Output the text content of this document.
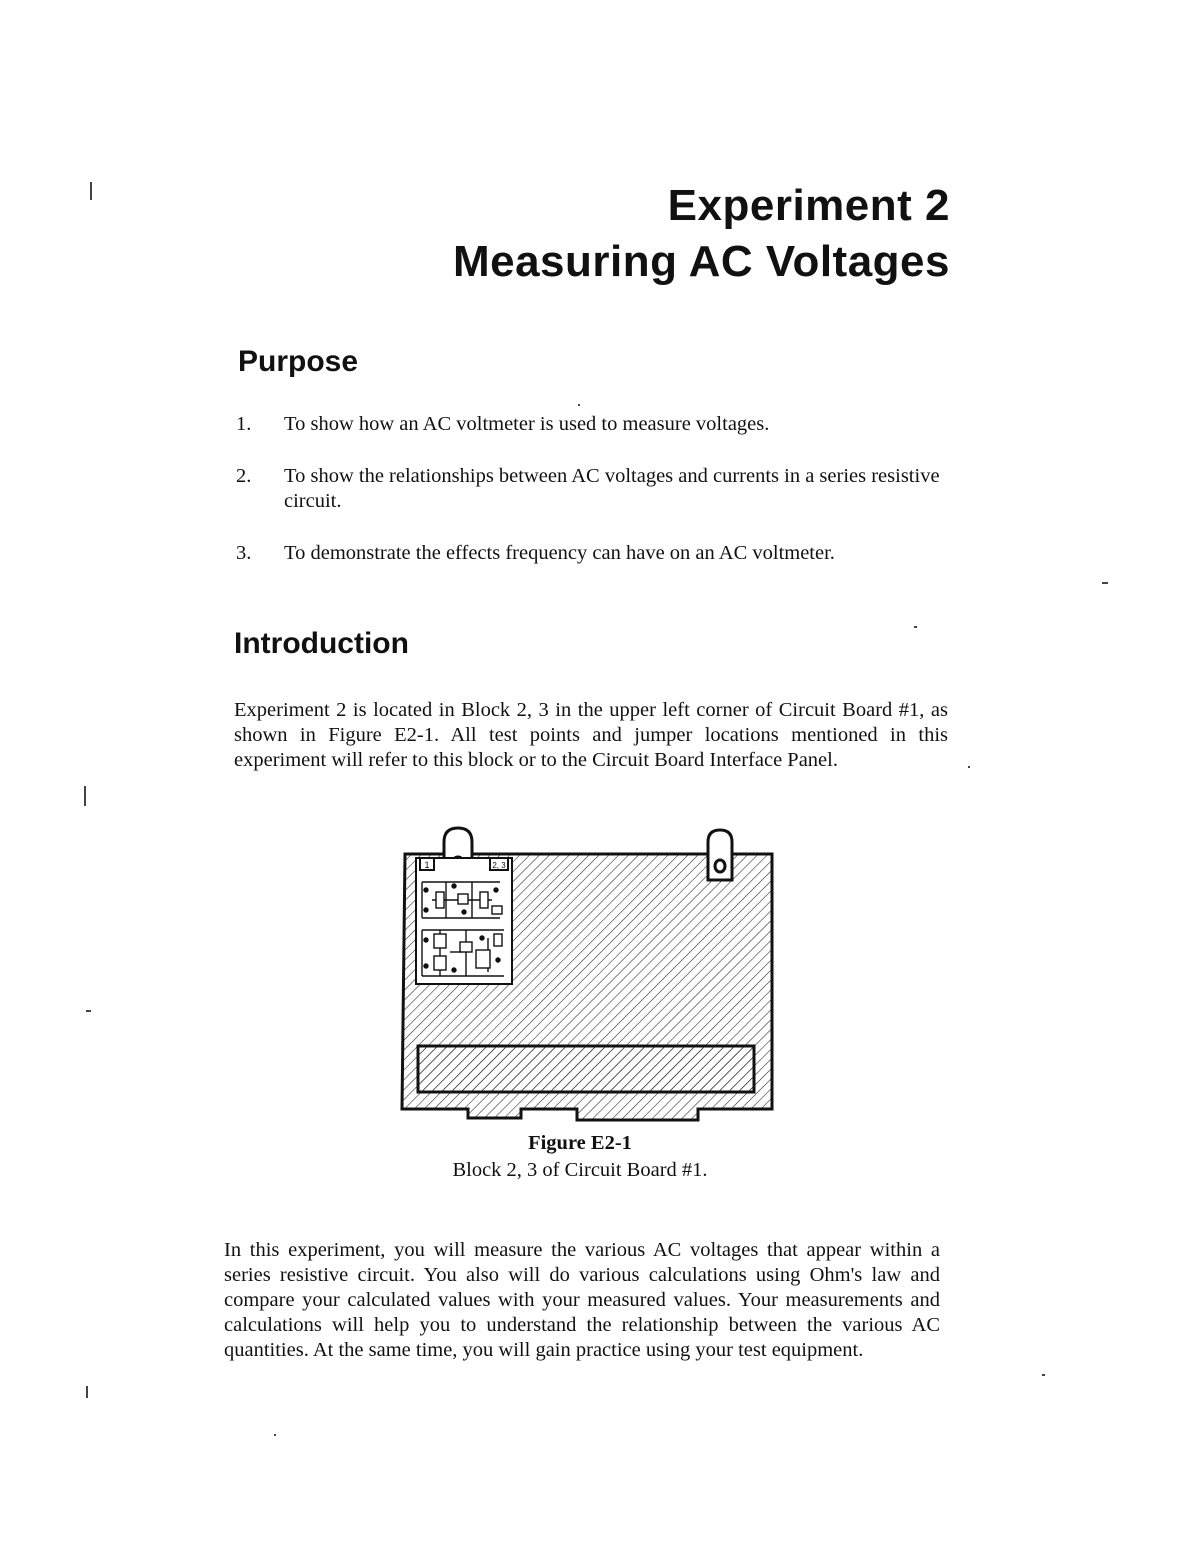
Experiment 2
Measuring AC Voltages
Purpose
1.	To show how an AC voltmeter is used to measure voltages.
2.	To show the relationships between AC voltages and currents in a series resistive circuit.
3.	To demonstrate the effects frequency can have on an AC voltmeter.
Introduction

Experiment 2 is located in Block 2, 3 in the upper left corner of Circuit Board #1, as shown in Figure E2-1. All test points and jumper locations mentioned in this experiment will refer to this block or to the Circuit Board Interface Panel.

1	2, 3
Figure E2-1
Block 2, 3 of Circuit Board #1.

In this experiment, you will measure the various AC voltages that appear within a series resistive circuit. You also will do various calculations using Ohm's law and compare your calculated values with your measured values. Your measurements and calculations will help you to understand the relationship between the various AC quantities. At the same time, you will gain practice using your test equipment.
